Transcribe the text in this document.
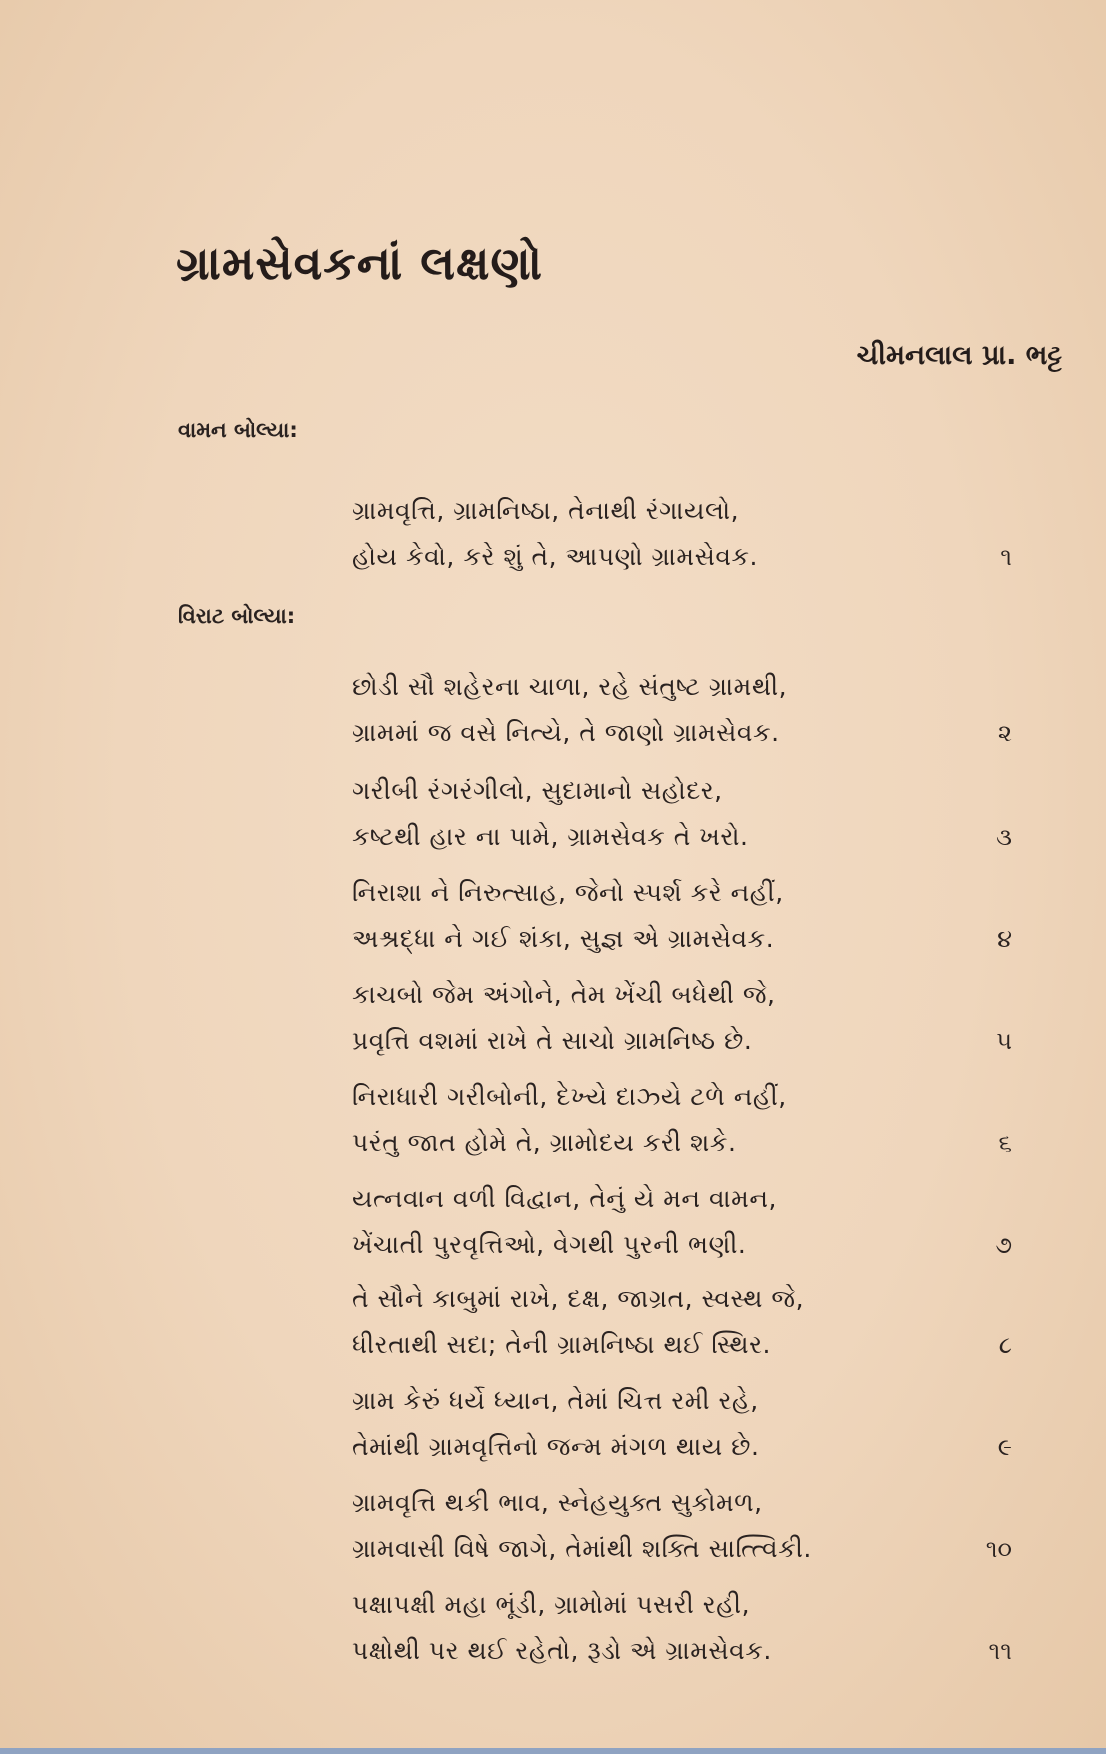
ગ્રામસેવકનાં લક્ષણો
ચીમનલાલ પ્રા. ભટ્ટ
વામન બોલ્યા:
ગ્રામવૃત્તિ, ગ્રામનિષ્ઠા, તેનાથી રંગાયલો,
હોય કેવો, કરે શું તે, આપણો ગ્રામસેવક.	૧
વિરાટ બોલ્યા:
છોડી સૌ શહેરના ચાળા, રહે સંતુષ્ટ ગ્રામથી,
ગ્રામમાં જ વસે નિત્યે, તે જાણો ગ્રામસેવક.	૨
ગરીબી રંગરંગીલો, સુદામાનો સહોદર,
કષ્ટથી હાર ના પામે, ગ્રામસેવક તે ખરો.	૩
નિરાશા ને નિરુત્સાહ, જેનો સ્પર્શ કરે નહીં,
અશ્રદ્ધા ને ગઈ શંકા, સુજ્ઞ એ ગ્રામસેવક.	૪
કાચબો જેમ અંગોને, તેમ ખેંચી બધેથી જે,
પ્રવૃત્તિ વશમાં રાખે તે સાચો ગ્રામનિષ્ઠ છે.	૫
નિરાધારી ગરીબોની, દેખ્યે દાઝ્યે ટળે નહીં,
પરંતુ જાત હોમે તે, ગ્રામોદય કરી શકે.	૬
યત્નવાન વળી વિદ્વાન, તેનું યે મન વામન,
ખેંચાતી પુરવૃત્તિઓ, વેગથી પુરની ભણી.	૭
તે સૌને કાબુમાં રાખે, દક્ષ, જાગ્રત, સ્વસ્થ જે,
ધીરતાથી સદા; તેની ગ્રામનિષ્ઠા થઈ સ્થિર.	૮
ગ્રામ કેરું ધર્યે ધ્યાન, તેમાં ચિત્ત રમી રહે,
તેમાંથી ગ્રામવૃત્તિનો જન્મ મંગળ થાય છે.	૯
ગ્રામવૃત્તિ થકી ભાવ, સ્નેહયુક્ત સુકોમળ,
ગ્રામવાસી વિષે જાગે, તેમાંથી શક્તિ સાત્ત્વિકી.	૧૦
પક્ષાપક્ષી મહા ભૂંડી, ગ્રામોમાં પસરી રહી,
પક્ષોથી પર થઈ રહેતો, રૂડો એ ગ્રામસેવક.	૧૧
